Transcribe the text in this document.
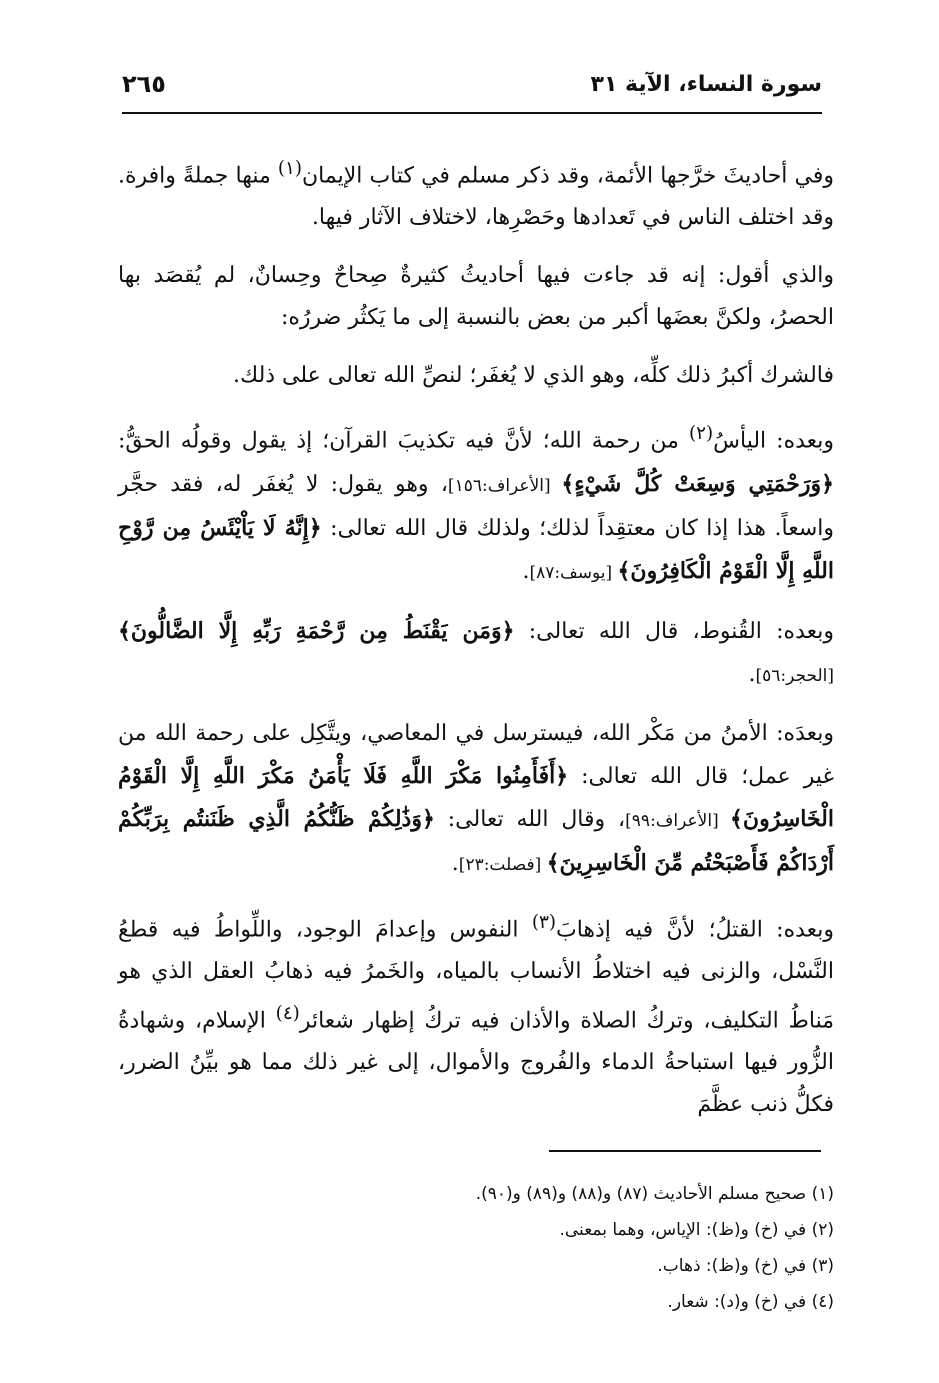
سورة النساء، الآية ٣١
٢٦٥

وفي أحاديثَ خرَّجها الأئمة، وقد ذكر مسلم في كتاب الإيمان$^{(١)}$ منها جملةً وافرة. وقد اختلف الناس في تَعدادها وحَصْرِها، لاختلاف الآثار فيها.

والذي أقول: إنه قد جاءت فيها أحاديثُ كثيرةٌ صِحاحٌ وحِسانٌ، لم يُقصَد بها الحصرُ، ولكنَّ بعضَها أكبر من بعض بالنسبة إلى ما يَكثُر ضررُه:

فالشرك أكبرُ ذلك كلِّه، وهو الذي لا يُغفَر؛ لنصِّ الله تعالى على ذلك.

وبعده: اليأسُ$^{(٢)}$ من رحمة الله؛ لأنَّ فيه تكذيبَ القرآن؛ إذ يقول وقولُه الحقُّ: ﴿وَرَحْمَتِي وَسِعَتْ كُلَّ شَيْءٍ﴾ [الأعراف:١٥٦]، وهو يقول: لا يُغفَر له، فقد حجَّر واسعاً. هذا إذا كان معتقِداً لذلك؛ ولذلك قال الله تعالى: ﴿إِنَّهُ لَا يَاْيْئَسُ مِن رَّوْحِ اللَّهِ إِلَّا الْقَوْمُ الْكَافِرُونَ﴾ [يوسف:٨٧].

وبعده: القُنوط، قال الله تعالى: ﴿وَمَن يَقْنَطُ مِن رَّحْمَةِ رَبِّهِ إِلَّا الضَّالُّونَ﴾ [الحجر:٥٦].

وبعدَه: الأمنُ من مَكْر الله، فيسترسل في المعاصي، ويتَّكِل على رحمة الله من غير عمل؛ قال الله تعالى: ﴿أَفَأَمِنُوا مَكْرَ اللَّهِ فَلَا يَأْمَنُ مَكْرَ اللَّهِ إِلَّا الْقَوْمُ الْخَاسِرُونَ﴾ [الأعراف:٩٩]، وقال الله تعالى: ﴿وَذَٰلِكُمْ ظَنُّكُمُ الَّذِي ظَنَنتُم بِرَبِّكُمْ أَرْدَاكُمْ فَأَصْبَحْتُم مِّنَ الْخَاسِرِينَ﴾ [فصلت:٢٣].

وبعده: القتلُ؛ لأنَّ فيه إذهابَ$^{(٣)}$ النفوس وإعدامَ الوجود، واللِّواطُ فيه قطعُ النَّسْل، والزنى فيه اختلاطُ الأنساب بالمياه، والخَمرُ فيه ذهابُ العقل الذي هو مَناطُ التكليف، وتركُ الصلاة والأذان فيه تركُ إظهار شعائر$^{(٤)}$ الإسلام، وشهادةُ الزُّور فيها استباحةُ الدماء والفُروج والأموال، إلى غير ذلك مما هو بيِّنُ الضرر، فكلُّ ذنب عظَّمَ

(١) صحيح مسلم الأحاديث (٨٧) و(٨٨) و(٨٩) و(٩٠).

(٢) في (خ) و(ظ): الإياس، وهما بمعنى.

(٣) في (خ) و(ظ): ذهاب.

(٤) في (خ) و(د): شعار.
